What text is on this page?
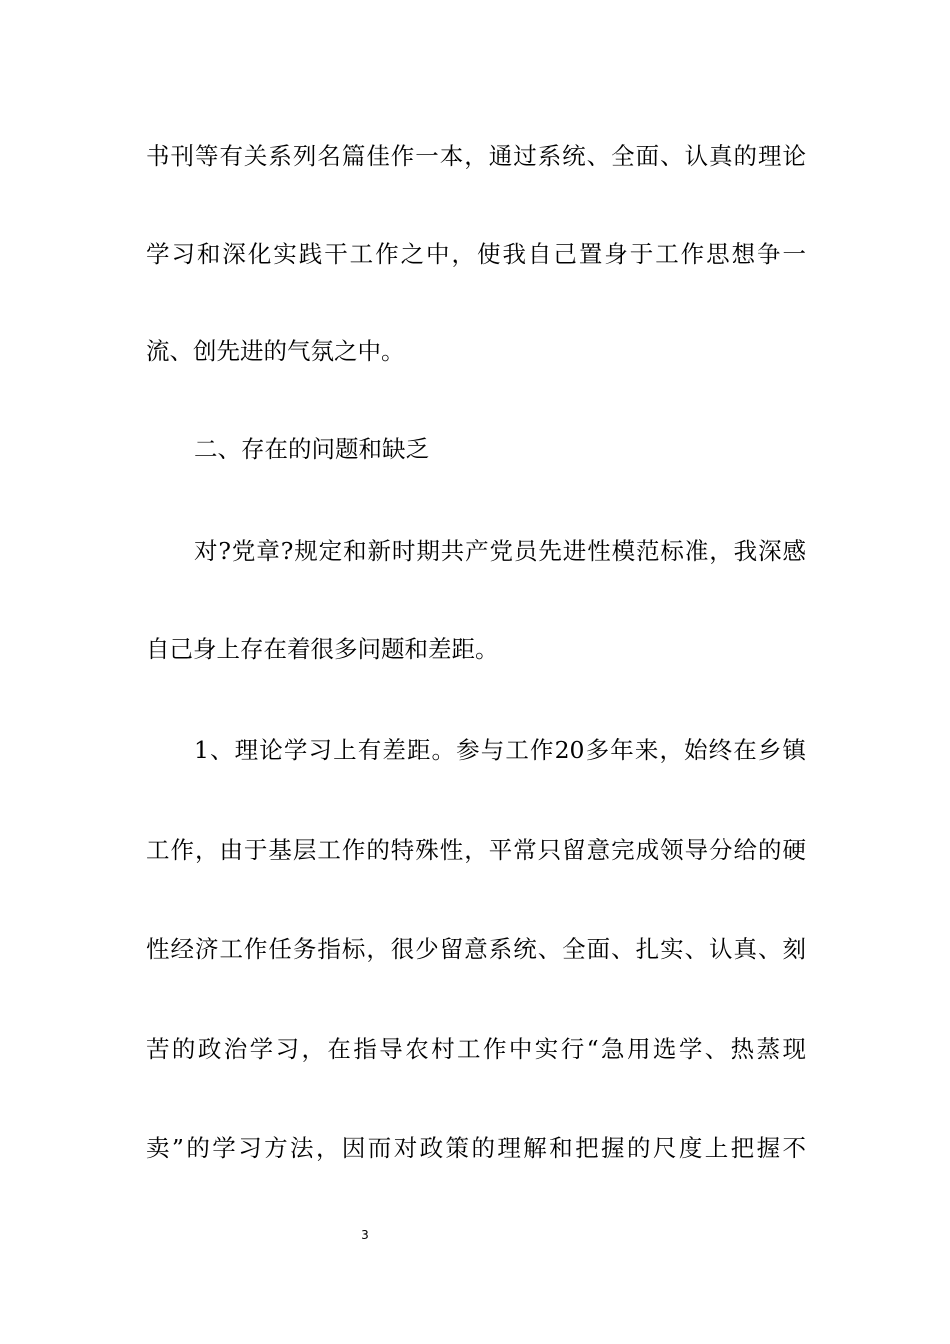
书刊等有关系列名篇佳作一本，通过系统、全面、认真的理论
学习和深化实践干工作之中，使我自己置身于工作思想争一
流、创先进的气氛之中。
二、存在的问题和缺乏
对?党章?规定和新时期共产党员先进性模范标准，我深感
自己身上存在着很多问题和差距。
1、理论学习上有差距。参与工作20多年来，始终在乡镇
工作，由于基层工作的特殊性，平常只留意完成领导分给的硬
性经济工作任务指标，很少留意系统、全面、扎实、认真、刻
苦的政治学习，在指导农村工作中实行“急用选学、热蒸现
卖”的学习方法，因而对政策的理解和把握的尺度上把握不
3
